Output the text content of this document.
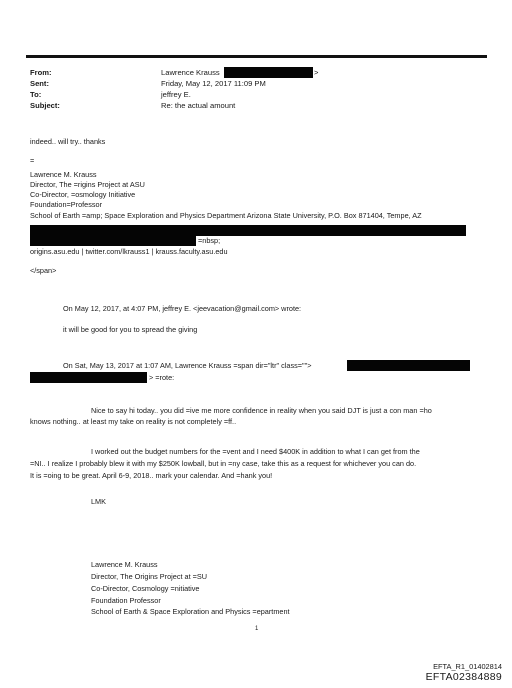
From:
Sent:
To:
Subject:
Lawrence Krauss	>
Friday, May 12, 2017 11:09 PM
jeffrey E.
Re: the actual amount
indeed.. will try.. thanks
=
Lawrence M. Krauss
Director, The =rigins Project at ASU
Co-Director, =osmology Initiative
Foundation=Professor
School of Earth =amp; Space Exploration and Physics Department Arizona State University, P.O. Box 871404, Tempe, AZ
=nbsp;
origins.asu.edu | twitter.com/lkrauss1 | krauss.faculty.asu.edu
</span>
On May 12, 2017, at 4:07 PM, jeffrey E. <jeevacation@gmail.com> wrote:
it will be good for you to spread the giving
On Sat, May 13, 2017 at 1:07 AM, Lawrence Krauss =span dir="ltr" class="">
> =rote:
Nice to say hi today.. you did =ive me more confidence in reality when you said DJT is just a con man =ho
knows nothing.. at least my take on reality is not completely =ff..
I worked out the budget numbers for the =vent and I need $400K in addition to what I can get from the
=NI.. I realize I probably blew it with my $250K lowball, but in =ny case, take this as a request for whichever you can do.
It is =oing to be great. April 6-9, 2018.. mark your calendar. And =hank you!
LMK
Lawrence M. Krauss
Director, The Origins Project at =SU
Co-Director, Cosmology =nitiative
Foundation Professor
School of Earth & Space Exploration and Physics =epartment
1
EFTA_R1_01402814
EFTA02384889
